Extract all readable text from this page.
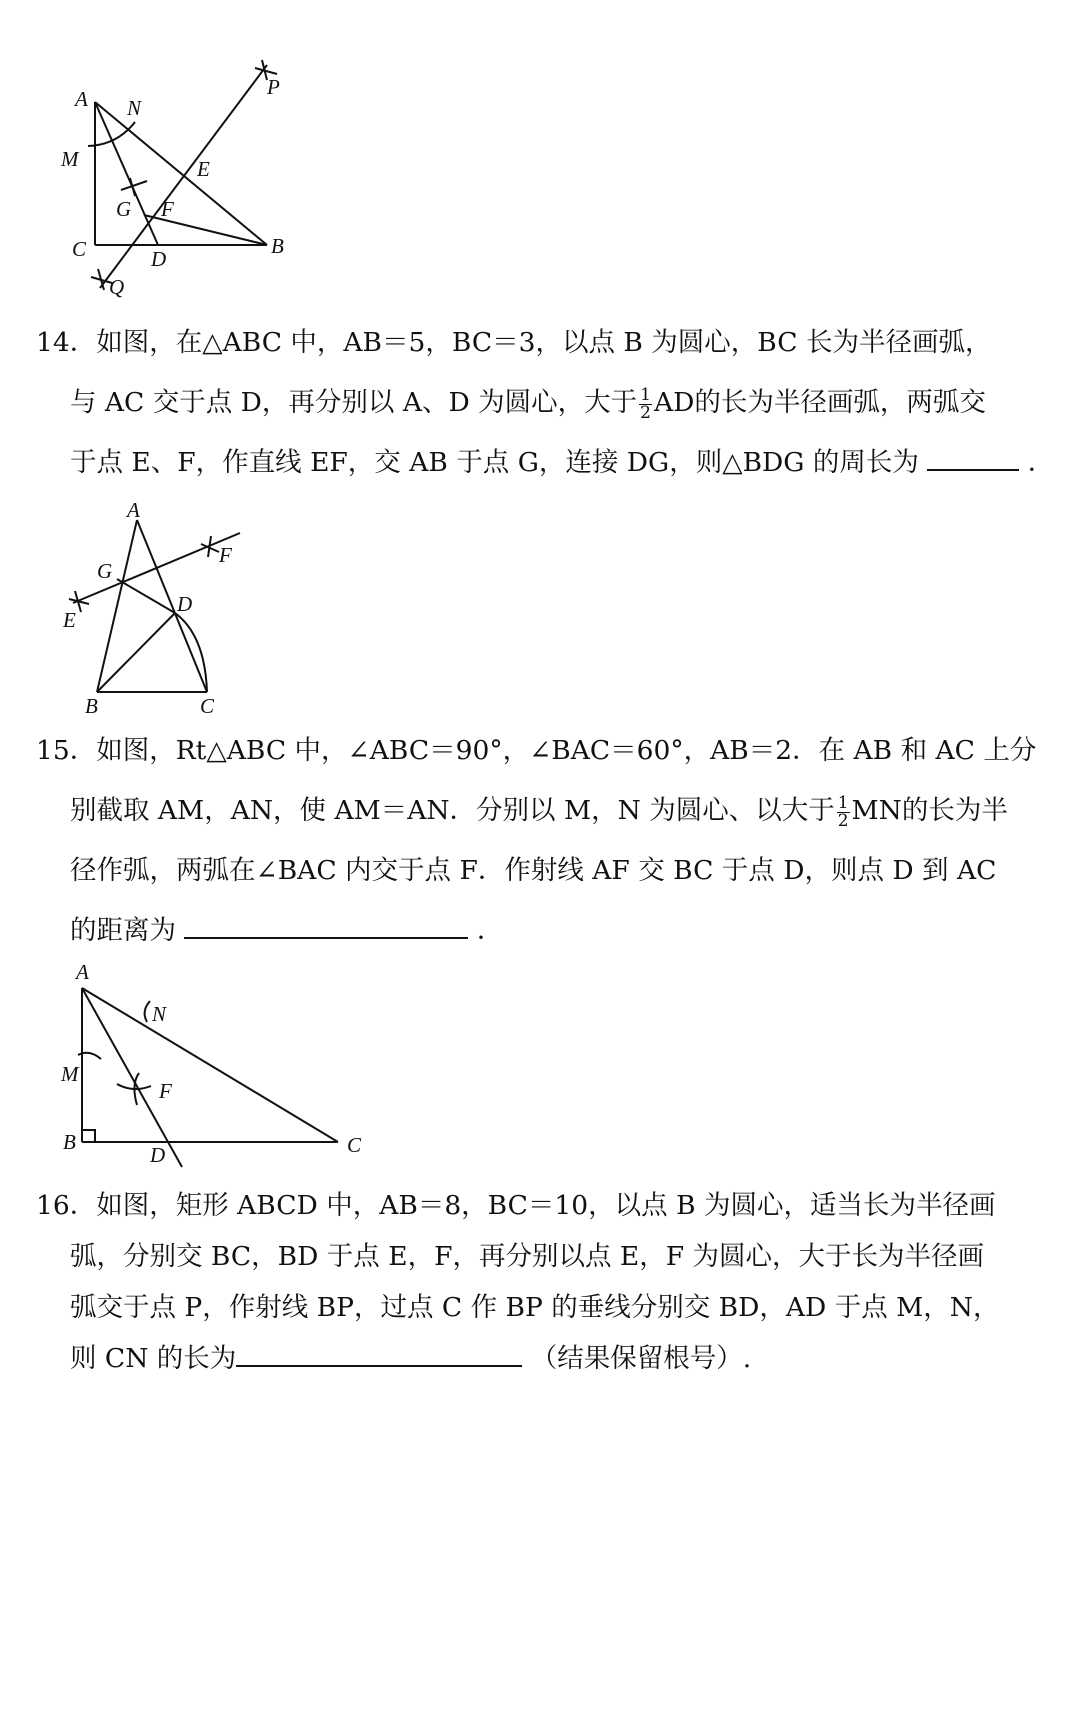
A N
M	E
P
G F
C	D
B
Q
14．如图，在△ABC 中，AB＝5，BC＝3，以点 B 为圆心，BC 长为半径画弧，
与 AC 交于点 D，再分别以 A、D 为圆心，大于 $\frac{1}{2}$ AD的长为半径画弧，两弧交
于点 E、F，作直线 EF，交 AB 于点 G，连接 DG，则△BDG 的周长为	．
A
G
F
E
D
B	C
15．如图，Rt△ABC 中，∠ABC＝90°，∠BAC＝60°，AB＝2．在 AB 和 AC 上分
别截取 AM，AN，使 AM＝AN．分别以 M，N 为圆心、以大于 $\frac{1}{2}$ MN的长为半
径作弧，两弧在∠BAC 内交于点 F．作射线 AF 交 BC 于点 D，则点 D 到 AC
的距离为	．
A
N
M
F
B
D	C
16．如图，矩形 ABCD 中，AB＝8，BC＝10，以点 B 为圆心，适当长为半径画
弧，分别交 BC，BD 于点 E，F，再分别以点 E，F 为圆心，大于长为半径画
弧交于点 P，作射线 BP，过点 C 作 BP 的垂线分别交 BD，AD 于点 M，N，
则 CN 的长为	（结果保留根号）.
